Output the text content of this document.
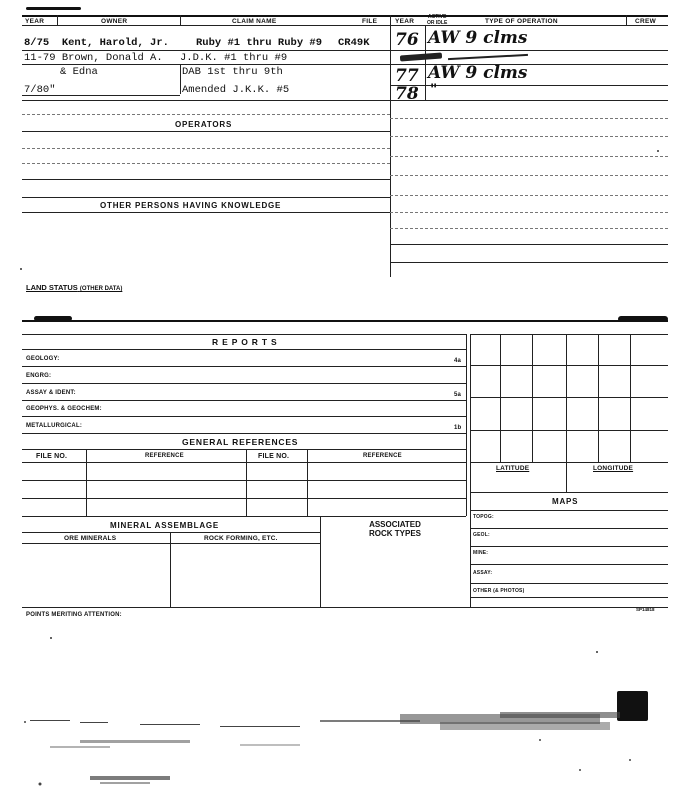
YEAR	OWNER	CLAIM NAME	FILE	YEAR
ACTIVE
OR IDLE	TYPE OF OPERATION	CREW
8/75 Kent, Harold, Jr.	Ruby #1 thru Ruby #9 CR49K
11-79 Brown, Donald A. J.D.K. #1 thru #9
& Edna	DAB 1st thru 9th
7/80"	Amended J.K.K. #5
OPERATORS
OTHER PERSONS HAVING KNOWLEDGE
76 AW 9 clms
77 AW 9 clms
78 "
LAND STATUS (OTHER DATA)
R E P O R T S
GEOLOGY:	4a
ENGRG:
ASSAY & IDENT:	5a
GEOPHYS. & GEOCHEM:
METALLURGICAL:	1b
GENERAL REFERENCES
FILE NO.	REFERENCE	FILE NO.	REFERENCE
LATITUDE	LONGITUDE
MAPS
TOPOG:
GEOL:
MINE:
ASSAY:
OTHER (& PHOTOS)
MINERAL ASSEMBLAGE	ASSOCIATED
ROCK TYPES
ORE MINERALS	ROCK FORMING, ETC.
POINTS MERITING ATTENTION:
SP14818
